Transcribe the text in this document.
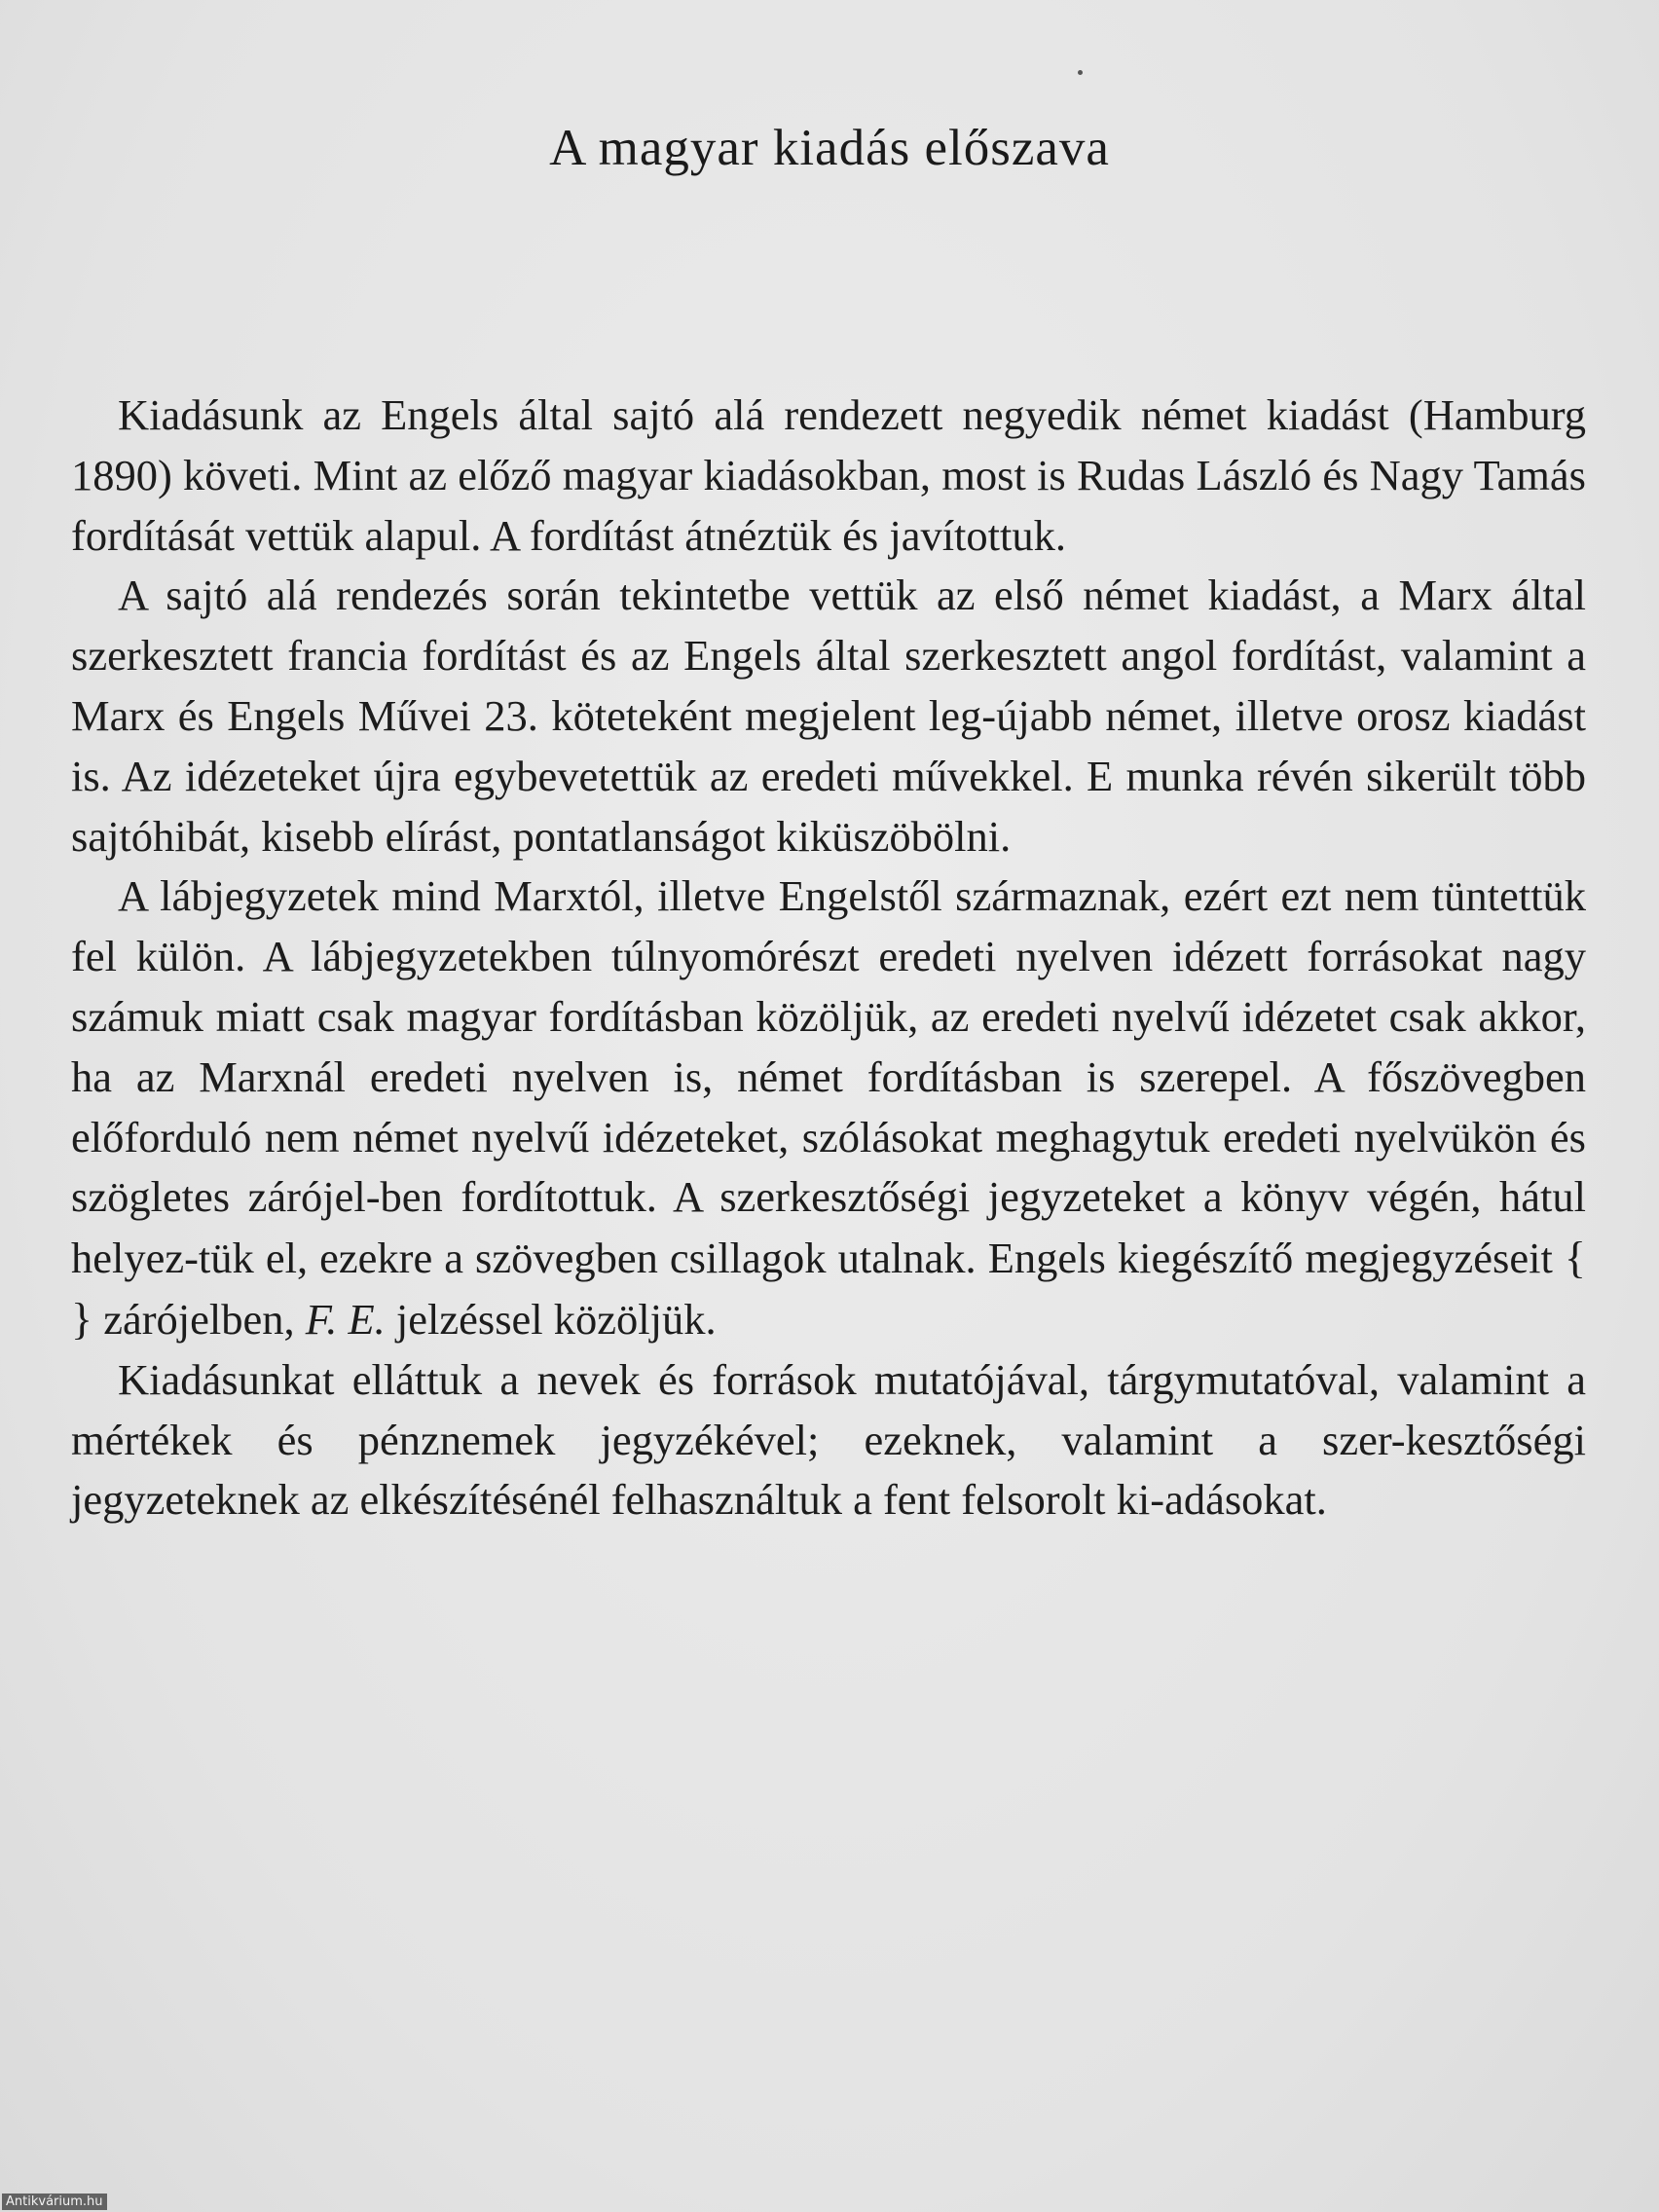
A magyar kiadás előszava

Kiadásunk az Engels által sajtó alá rendezett negyedik német kiadást (Hamburg 1890) követi. Mint az előző magyar kiadásokban, most is Rudas László és Nagy Tamás fordítását vettük alapul. A fordítást átnéztük és javítottuk.

A sajtó alá rendezés során tekintetbe vettük az első német kiadást, a Marx által szerkesztett francia fordítást és az Engels által szerkesztett angol fordítást, valamint a Marx és Engels Művei 23. köteteként megjelent leg-újabb német, illetve orosz kiadást is. Az idézeteket újra egybevetettük az eredeti művekkel. E munka révén sikerült több sajtóhibát, kisebb elírást, pontatlanságot kiküszöbölni.

A lábjegyzetek mind Marxtól, illetve Engelstől származnak, ezért ezt nem tüntettük fel külön. A lábjegyzetekben túlnyomórészt eredeti nyelven idézett forrásokat nagy számuk miatt csak magyar fordításban közöljük, az eredeti nyelvű idézetet csak akkor, ha az Marxnál eredeti nyelven is, német fordításban is szerepel. A főszövegben előforduló nem német nyelvű idézeteket, szólásokat meghagytuk eredeti nyelvükön és szögletes zárójel-ben fordítottuk. A szerkesztőségi jegyzeteket a könyv végén, hátul helyez-tük el, ezekre a szövegben csillagok utalnak. Engels kiegészítő megjegyzéseit { } zárójelben, F. E. jelzéssel közöljük.

Kiadásunkat elláttuk a nevek és források mutatójával, tárgymutatóval, valamint a mértékek és pénznemek jegyzékével; ezeknek, valamint a szer-kesztőségi jegyzeteknek az elkészítésénél felhasználtuk a fent felsorolt ki-adásokat.

Antikvárium.hu
